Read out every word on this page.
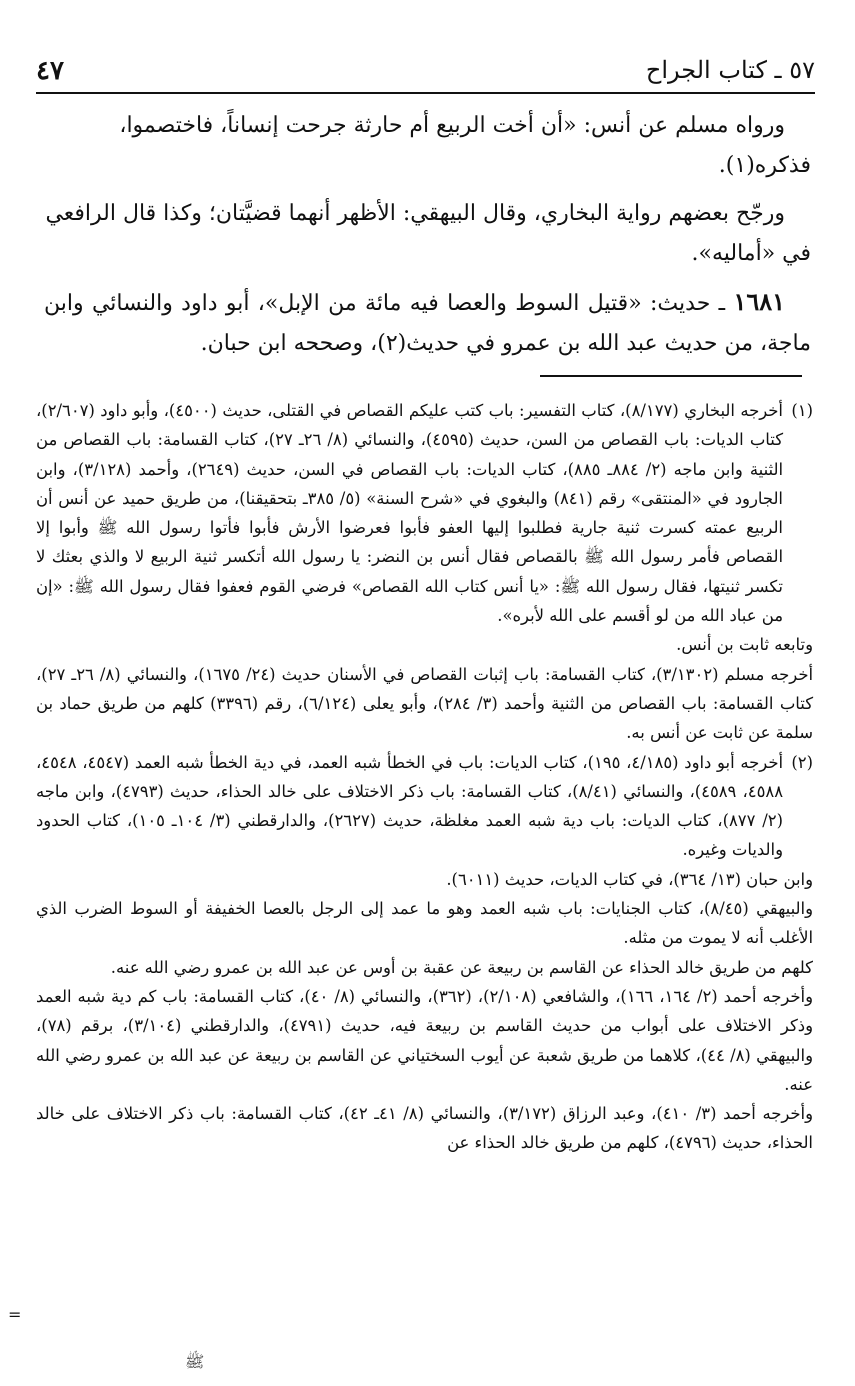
٤٧	٥٧ ـ كتاب الجراح

ورواه مسلم عن أنس: «أن أخت الربيع أم حارثة جرحت إنساناً، فاختصموا،
فذكره(١).

ورجّح بعضهم رواية البخاري، وقال البيهقي: الأظهر أنهما قضيَّتان؛ وكذا قال الرافعي
في «أماليه».

١٦٨١ ـ حديث: «قتيل السوط والعصا فيه مائة من الإبل»، أبو داود والنسائي وابن ماجة، من حديث عبد الله بن عمرو في حديث(٢)، وصححه ابن حبان.

(١)
أخرجه البخاري (٨/١٧٧)، كتاب التفسير: باب كتب عليكم القصاص في القتلى، حديث (٤٥٠٠)، وأبو داود (٢/٦٠٧)، كتاب الديات: باب القصاص من السن، حديث (٤٥٩٥)، والنسائي (٨/ ٢٦ـ ٢٧)، كتاب القسامة: باب القصاص من الثنية وابن ماجه (٢/ ٨٨٤ـ ٨٨٥)، كتاب الديات: باب القصاص في السن، حديث (٢٦٤٩)، وأحمد (٣/١٢٨)، وابن الجارود في «المنتقى» رقم (٨٤١) والبغوي في «شرح السنة» (٥/ ٣٨٥ـ بتحقيقنا)، من طريق حميد عن أنس أن الربيع عمته كسرت ثنية جارية فطلبوا إليها العفو فأبوا فعرضوا الأرش فأبوا فأتوا رسول الله ﷺ وأبوا إلا القصاص فأمر رسول الله ﷺ بالقصاص فقال أنس بن النضر: يا رسول الله أتكسر ثنية الربيع لا والذي بعثك لا تكسر ثنيتها، فقال رسول الله ﷺ: «يا أنس كتاب الله القصاص» فرضي القوم فعفوا فقال رسول الله ﷺ: «إن من عباد الله من لو أقسم على الله لأبره».

وتابعه ثابت بن أنس.

أخرجه مسلم (٣/١٣٠٢)، كتاب القسامة: باب إثبات القصاص في الأسنان حديث (٢٤/ ١٦٧٥)، والنسائي (٨/ ٢٦ـ ٢٧)، كتاب القسامة: باب القصاص من الثنية وأحمد (٣/ ٢٨٤)، وأبو يعلى (٦/١٢٤)، رقم (٣٣٩٦) كلهم من طريق حماد بن سلمة عن ثابت عن أنس به.

(٢)
أخرجه أبو داود (٤/١٨٥، ١٩٥)، كتاب الديات: باب في الخطأ شبه العمد، في دية الخطأ شبه العمد (٤٥٤٧، ٤٥٤٨، ٤٥٨٨، ٤٥٨٩)، والنسائي (٨/٤١)، كتاب القسامة: باب ذكر الاختلاف على خالد الحذاء، حديث (٤٧٩٣)، وابن ماجه (٢/ ٨٧٧)، كتاب الديات: باب دية شبه العمد مغلظة، حديث (٢٦٢٧)، والدارقطني (٣/ ١٠٤ـ ١٠٥)، كتاب الحدود والديات وغيره.

وابن حبان (١٣/ ٣٦٤)، في كتاب الديات، حديث (٦٠١١).

والبيهقي (٨/٤٥)، كتاب الجنايات: باب شبه العمد وهو ما عمد إلى الرجل بالعصا الخفيفة أو السوط الضرب الذي الأغلب أنه لا يموت من مثله.

كلهم من طريق خالد الحذاء عن القاسم بن ربيعة عن عقبة بن أوس عن عبد الله بن عمرو رضي الله عنه.

وأخرجه أحمد (٢/ ١٦٤، ١٦٦)، والشافعي (٢/١٠٨)، (٣٦٢)، والنسائي (٨/ ٤٠)، كتاب القسامة: باب كم دية شبه العمد وذكر الاختلاف على أبواب من حديث القاسم بن ربيعة فيه، حديث (٤٧٩١)، والدارقطني (٣/١٠٤)، برقم (٧٨)، والبيهقي (٨/ ٤٤)، كلاهما من طريق شعبة عن أيوب السختياني عن القاسم بن ربيعة عن عبد الله بن عمرو رضي الله عنه.

وأخرجه أحمد (٣/ ٤١٠)، وعبد الرزاق (٣/١٧٢)، والنسائي (٨/ ٤١ـ ٤٢)، كتاب القسامة: باب ذكر الاختلاف على خالد الحذاء، حديث (٤٧٩٦)، كلهم من طريق خالد الحذاء عن

=
ﷺ
